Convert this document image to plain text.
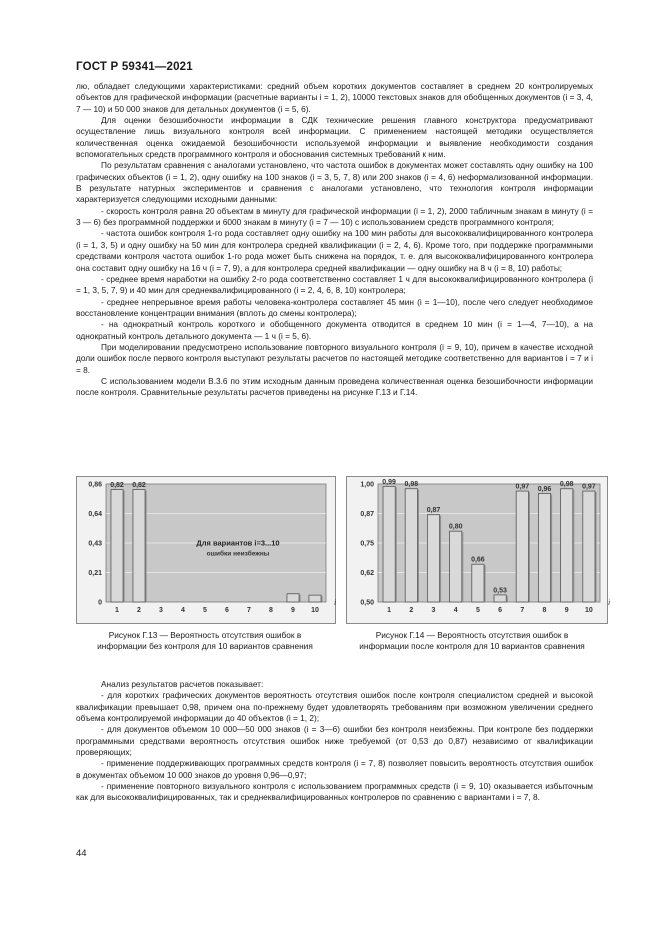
ГОСТ Р 59341—2021

лю, обладает следующими характеристиками: средний объем коротких документов составляет в среднем 20 контролируемых объектов для графической информации (расчетные варианты i = 1, 2), 10000 текстовых знаков для обобщенных документов (i = 3, 4, 7 — 10) и 50 000 знаков для детальных документов (i = 5, 6).

Для оценки безошибочности информации в СДК технические решения главного конструктора предусматривают осуществление лишь визуального контроля всей информации. С применением настоящей методики осуществляется количественная оценка ожидаемой безошибочности используемой информации и выявление необходимости создания вспомогательных средств программного контроля и обоснования системных требований к ним.

По результатам сравнения с аналогами установлено, что частота ошибок в документах может составлять одну ошибку на 100 графических объектов (i = 1, 2), одну ошибку на 100 знаков (i = 3, 5, 7, 8) или 200 знаков (i = 4, 6) неформализованной информации. В результате натурных экспериментов и сравнения с аналогами установлено, что технология контроля информации характеризуется следующими исходными данными:

- скорость контроля равна 20 объектам в минуту для графической информации (i = 1, 2), 2000 табличным знакам в минуту (i = 3 — 6) без программной поддержки и 6000 знакам в минуту (i = 7 — 10) с использованием средств программного контроля;

- частота ошибок контроля 1-го рода составляет одну ошибку на 100 мин работы для высококвалифицированного контролера (i = 1, 3, 5) и одну ошибку на 50 мин для контролера средней квалификации (i = 2, 4, 6). Кроме того, при поддержке программными средствами контроля частота ошибок 1-го рода может быть снижена на порядок, т. е. для высококвалифицированного контролера она составит одну ошибку на 16 ч (i = 7, 9), а для контролера средней квалификации — одну ошибку на 8 ч (i = 8, 10) работы;

- среднее время наработки на ошибку 2-го рода соответственно составляет 1 ч для высококвалифицированного контролера (i = 1, 3, 5, 7, 9) и 40 мин для среднеквалифицированного (i = 2, 4, 6, 8, 10) контролера;

- среднее непрерывное время работы человека-контролера составляет 45 мин (i = 1—10), после чего следует необходимое восстановление концентрации внимания (вплоть до смены контролера);

- на однократный контроль короткого и обобщенного документа отводится в среднем 10 мин (i = 1—4, 7—10), а на однократный контроль детального документа — 1 ч (i = 5, 6).

При моделировании предусмотрено использование повторного визуального контроля (i = 9, 10), причем в качестве исходной доли ошибок после первого контроля выступают результаты расчетов по настоящей методике соответственно для вариантов i = 7 и i = 8.

С использованием модели В.3.6 по этим исходным данным проведена количественная оценка безошибочности информации после контроля. Сравнительные результаты расчетов приведены на рисунке Г.13 и Г.14.

0
0,21
0,43
0,64
0,86 0,82
1
0,82
2	3	4	5	6	7	8	9 10
i
Для вариантов i=3...10
ошибки неизбежны
0,50
0,62
0,75
0,87
1,00 0,99
1
0,98
2
0,87
3
0,80
4
0,66
5
0,53
6
0,97
7
0,96
8
0,98
9
0,97
10
i
Рисунок Г.13 — Вероятность отсутствия ошибок в информации без контроля для 10 вариантов сравнения
Рисунок Г.14 — Вероятность отсутствия ошибок в информации после контроля для 10 вариантов сравнения

Анализ результатов расчетов показывает:

- для коротких графических документов вероятность отсутствия ошибок после контроля специалистом средней и высокой квалификации превышает 0,98, причем она по-прежнему будет удовлетворять требованиям при возможном увеличении среднего объема контролируемой информации до 40 объектов (i = 1, 2);

- для документов объемом 10 000—50 000 знаков (i = 3—6) ошибки без контроля неизбежны. При контроле без поддержки программными средствами вероятность отсутствия ошибок ниже требуемой (от 0,53 до 0,87) независимо от квалификации проверяющих;

- применение поддерживающих программных средств контроля (i = 7, 8) позволяет повысить вероятность отсутствия ошибок в документах объемом 10 000 знаков до уровня 0,96—0,97;

- применение повторного визуального контроля с использованием программных средств (i = 9, 10) оказывается избыточным как для высококвалифицированных, так и среднеквалифицированных контролеров по сравнению с вариантами i = 7, 8.

44
